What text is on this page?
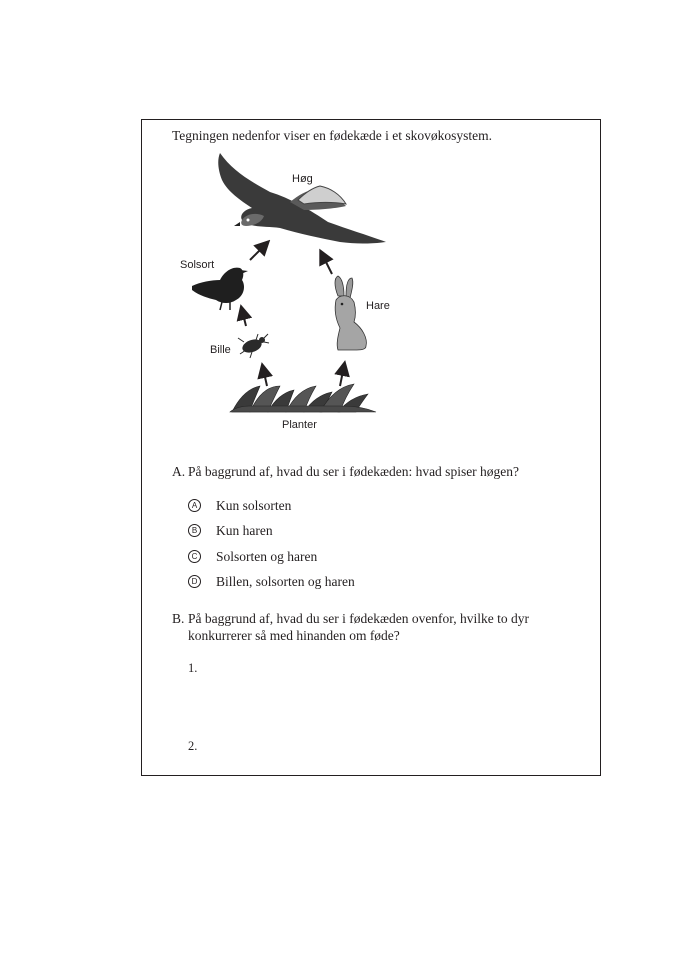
Tegningen nedenfor viser en fødekæde i et skovøkosystem.
Høg
Solsort
Hare
Bille
Planter
A. På baggrund af, hvad du ser i fødekæden: hvad spiser høgen?
A Kun solsorten
B Kun haren
C Solsorten og haren
D Billen, solsorten og haren
B. På baggrund af, hvad du ser i fødekæden ovenfor, hvilke to dyr
konkurrerer så med hinanden om føde?
1.
2.
